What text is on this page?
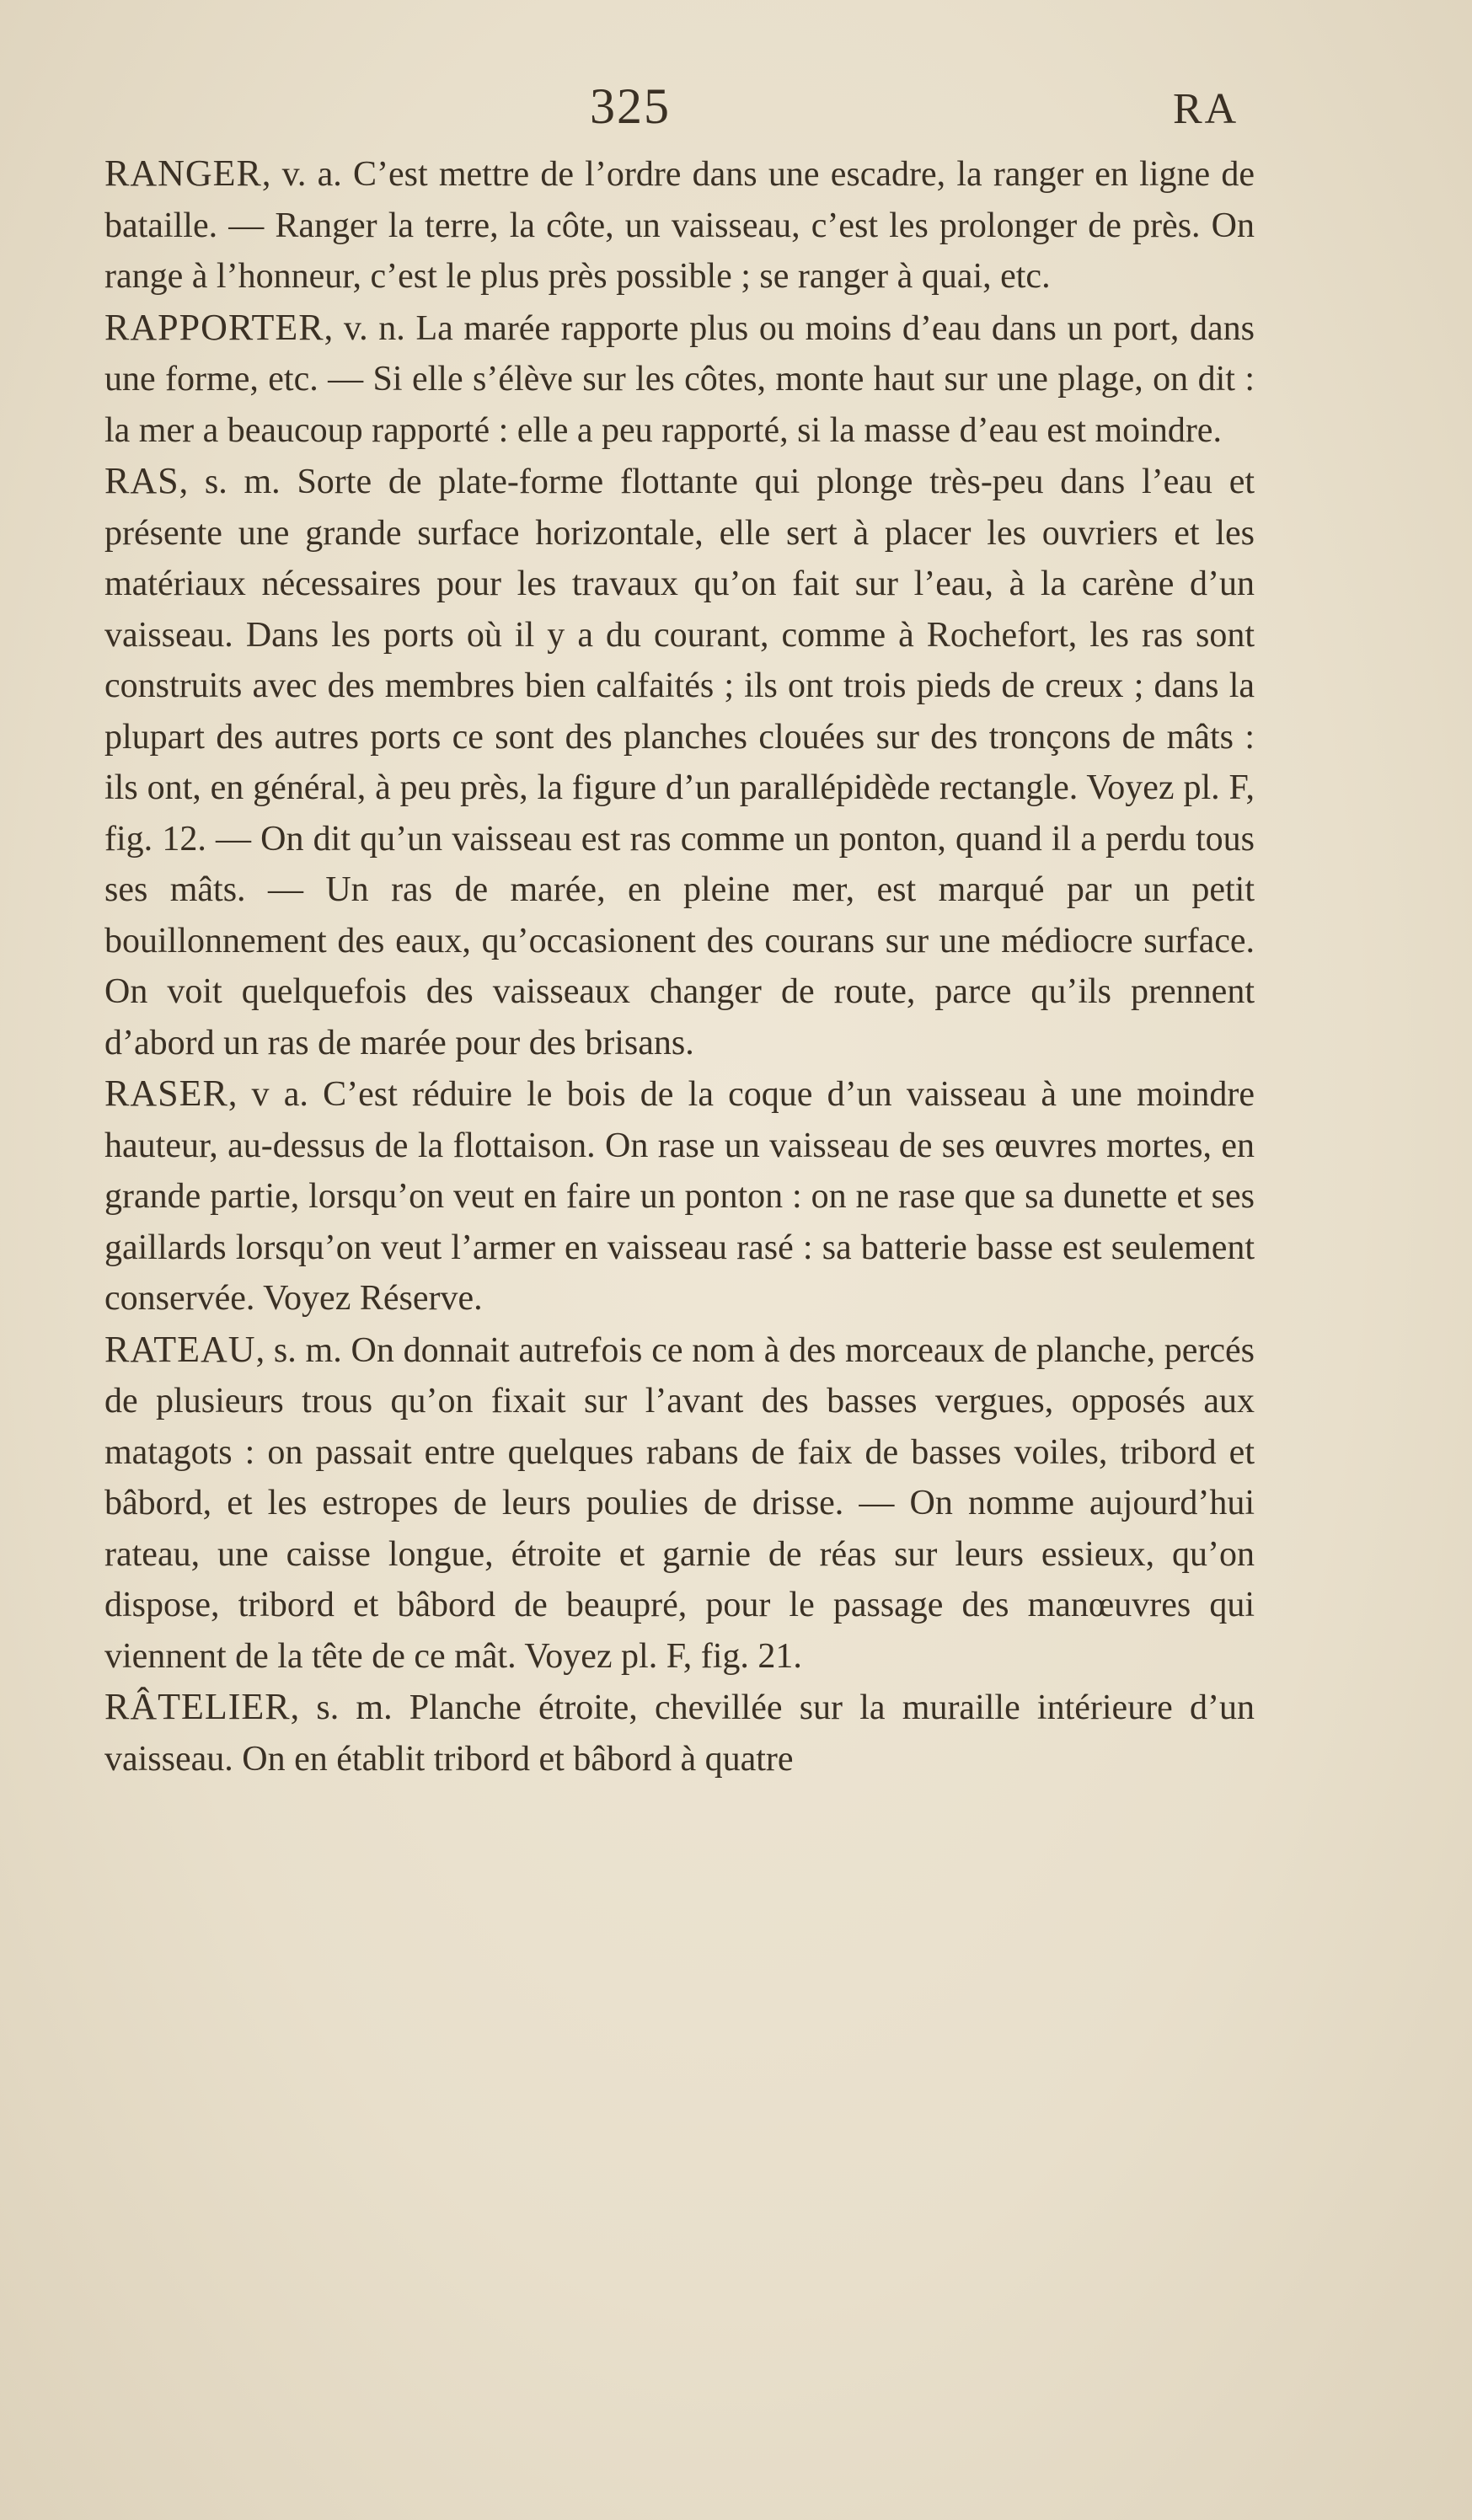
325	RA

RANGER, v. a. C’est mettre de l’ordre dans une escadre, la ranger en ligne de bataille. — Ranger la terre, la côte, un vaisseau, c’est les prolonger de près. On range à l’honneur, c’est le plus près possible ; se ranger à quai, etc.

RAPPORTER, v. n. La marée rapporte plus ou moins d’eau dans un port, dans une forme, etc. — Si elle s’élève sur les côtes, monte haut sur une plage, on dit : la mer a beaucoup rapporté : elle a peu rapporté, si la masse d’eau est moindre.

RAS, s. m. Sorte de plate-forme flottante qui plonge très-peu dans l’eau et présente une grande surface horizontale, elle sert à placer les ouvriers et les matériaux nécessaires pour les travaux qu’on fait sur l’eau, à la carène d’un vaisseau. Dans les ports où il y a du courant, comme à Rochefort, les ras sont construits avec des membres bien calfaités ; ils ont trois pieds de creux ; dans la plupart des autres ports ce sont des planches clouées sur des tronçons de mâts : ils ont, en général, à peu près, la figure d’un parallépidède rectangle. Voyez pl. F, fig. 12. — On dit qu’un vaisseau est ras comme un ponton, quand il a perdu tous ses mâts. — Un ras de marée, en pleine mer, est marqué par un petit bouillonnement des eaux, qu’occasionent des courans sur une médiocre surface. On voit quelquefois des vaisseaux changer de route, parce qu’ils prennent d’abord un ras de marée pour des brisans.

RASER, v a. C’est réduire le bois de la coque d’un vaisseau à une moindre hauteur, au-dessus de la flottaison. On rase un vaisseau de ses œuvres mortes, en grande partie, lorsqu’on veut en faire un ponton : on ne rase que sa dunette et ses gaillards lorsqu’on veut l’armer en vaisseau rasé : sa batterie basse est seulement conservée. Voyez Réserve.

RATEAU, s. m. On donnait autrefois ce nom à des morceaux de planche, percés de plusieurs trous qu’on fixait sur l’avant des basses vergues, opposés aux matagots : on passait entre quelques rabans de faix de basses voiles, tribord et bâbord, et les estropes de leurs poulies de drisse. — On nomme aujourd’hui rateau, une caisse longue, étroite et garnie de réas sur leurs essieux, qu’on dispose, tribord et bâbord de beaupré, pour le passage des manœuvres qui viennent de la tête de ce mât. Voyez pl. F, fig. 21.

RÂTELIER, s. m. Planche étroite, chevillée sur la muraille intérieure d’un vaisseau. On en établit tribord et bâbord à quatre
